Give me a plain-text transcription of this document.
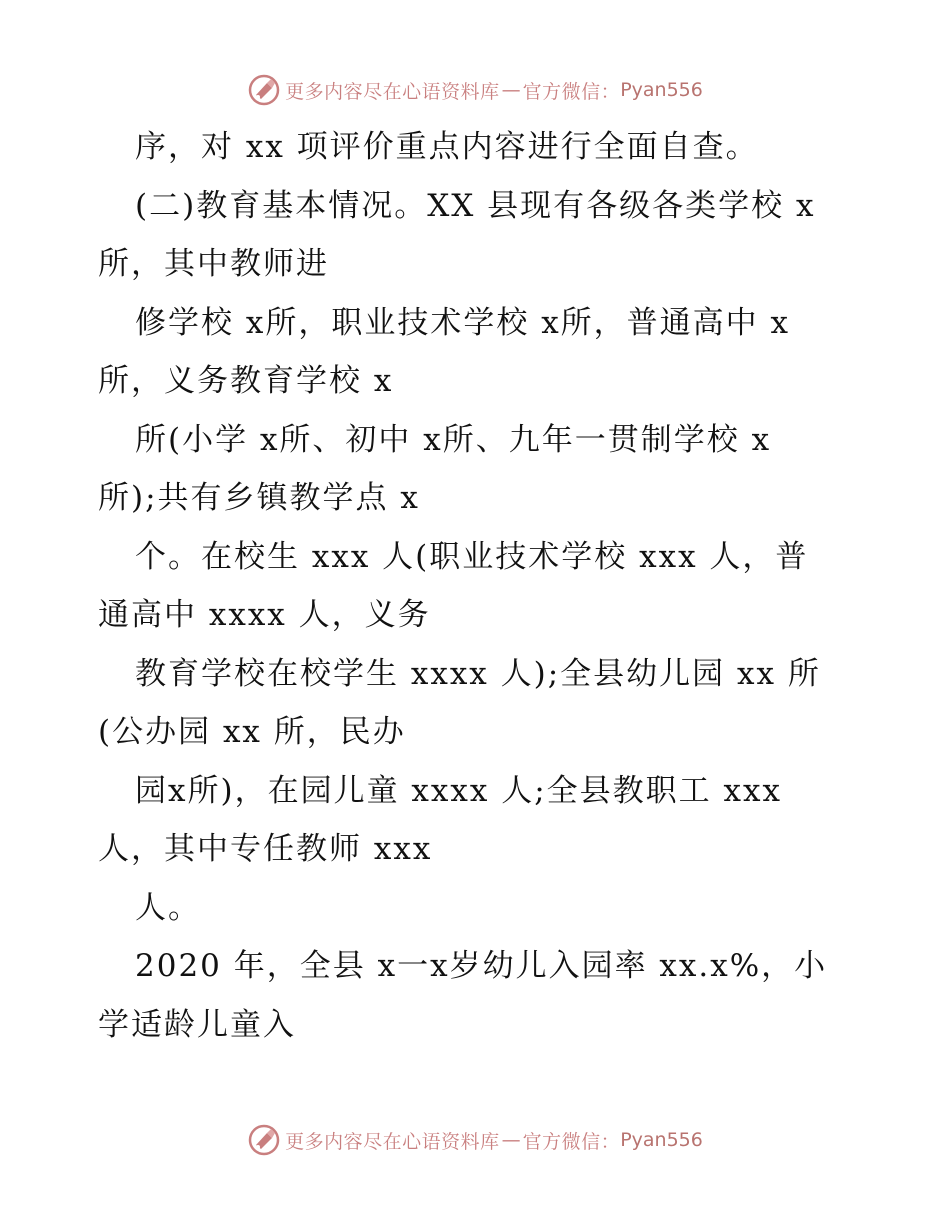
更多内容尽在心语资料库 — 官方微信： Pyan556
序，对 xx 项评价重点内容进行全面自查。
(二)教育基本情况。XX 县现有各级各类学校 x
所，其中教师进
修学校 x所，职业技术学校 x所，普通高中 x
所，义务教育学校 x
所(小学 x所、初中 x所、九年一贯制学校 x
所);共有乡镇教学点 x
个。在校生 xxx 人(职业技术学校 xxx 人，普
通高中 xxxx 人，义务
教育学校在校学生 xxxx 人);全县幼儿园 xx 所
(公办园 xx 所，民办
园x所)，在园儿童 xxxx 人;全县教职工 xxx
人，其中专任教师 xxx
人。
2020 年，全县 x一x岁幼儿入园率 xx.x%，小
学适龄儿童入
更多内容尽在心语资料库 — 官方微信： Pyan556
